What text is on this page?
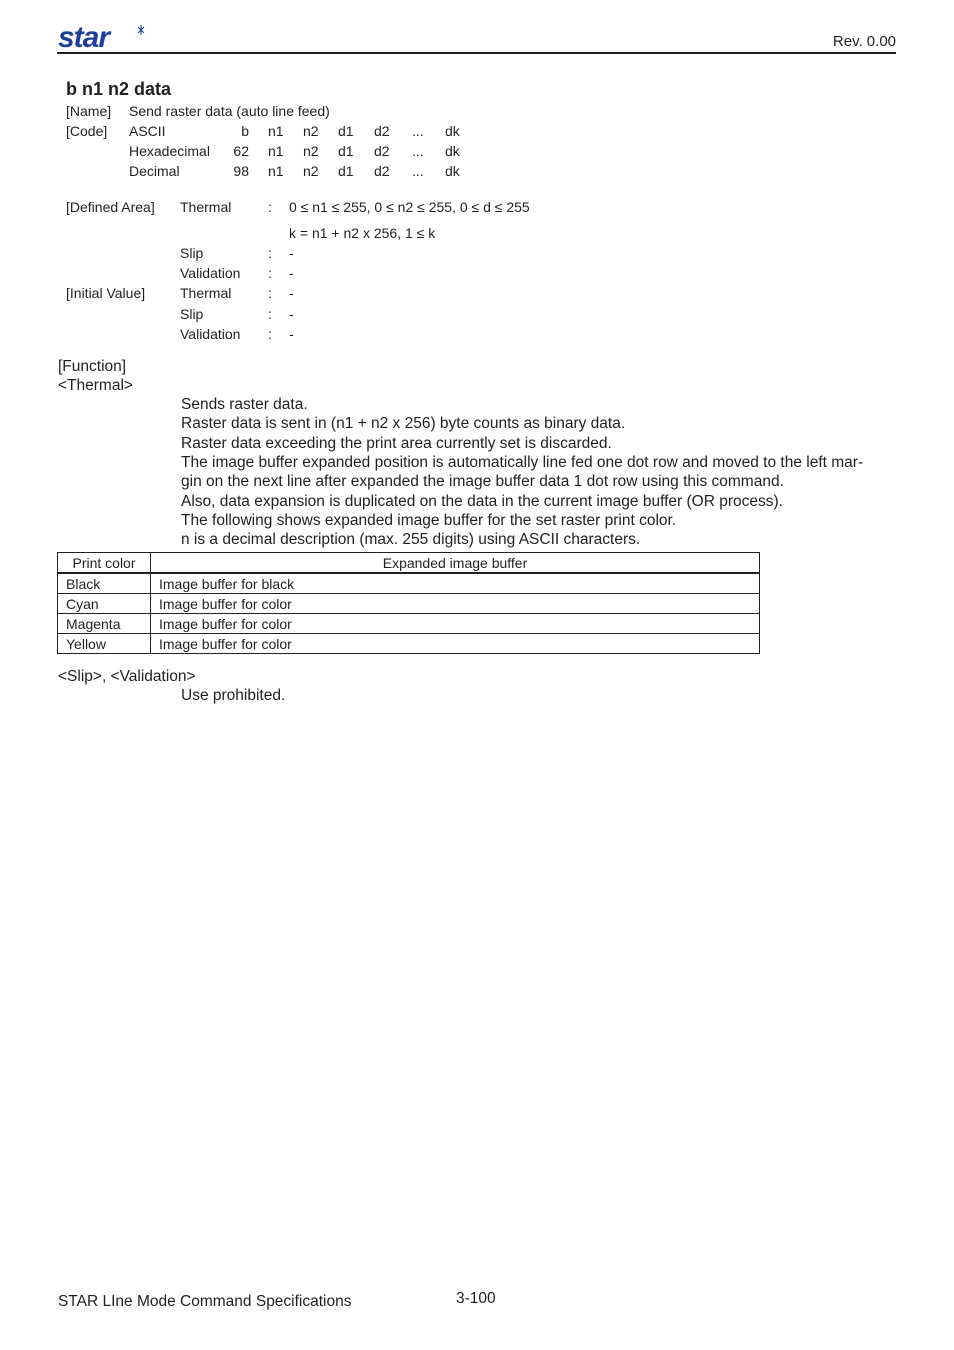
star	Rev. 0.00
b n1 n2 data
[Name] Send raster data (auto line feed)
[Code] ASCII	b n1 n2 d1 d2 ... dk
Hexadecimal 62 n1 n2 d1 d2 ... dk
Decimal	98 n1 n2 d1 d2 ... dk
[Defined Area] Thermal	: 0 ≤ n1 ≤ 255, 0 ≤ n2 ≤ 255, 0 ≤ d ≤ 255
k = n1 + n2 x 256, 1 ≤ k
Slip	: -
Validation : -
[Initial Value] Thermal	: -
Slip	: -
Validation : -
[Function]
<Thermal>
Sends raster data.
Raster data is sent in (n1 + n2 x 256) byte counts as binary data.
Raster data exceeding the print area currently set is discarded.
The image buffer expanded position is automatically line fed one dot row and moved to the left mar-
gin on the next line after expanded the image buffer data 1 dot row using this command.
Also, data expansion is duplicated on the data in the current image buffer (OR process).
The following shows expanded image buffer for the set raster print color.
n is a decimal description (max. 255 digits) using ASCII characters.
Print color	Expanded image buffer
Black	Image buffer for black
Cyan	Image buffer for color
Magenta	Image buffer for color
Yellow	Image buffer for color
<Slip>, <Validation>
Use prohibited.
STAR LIne Mode Command Specifications	3-100
